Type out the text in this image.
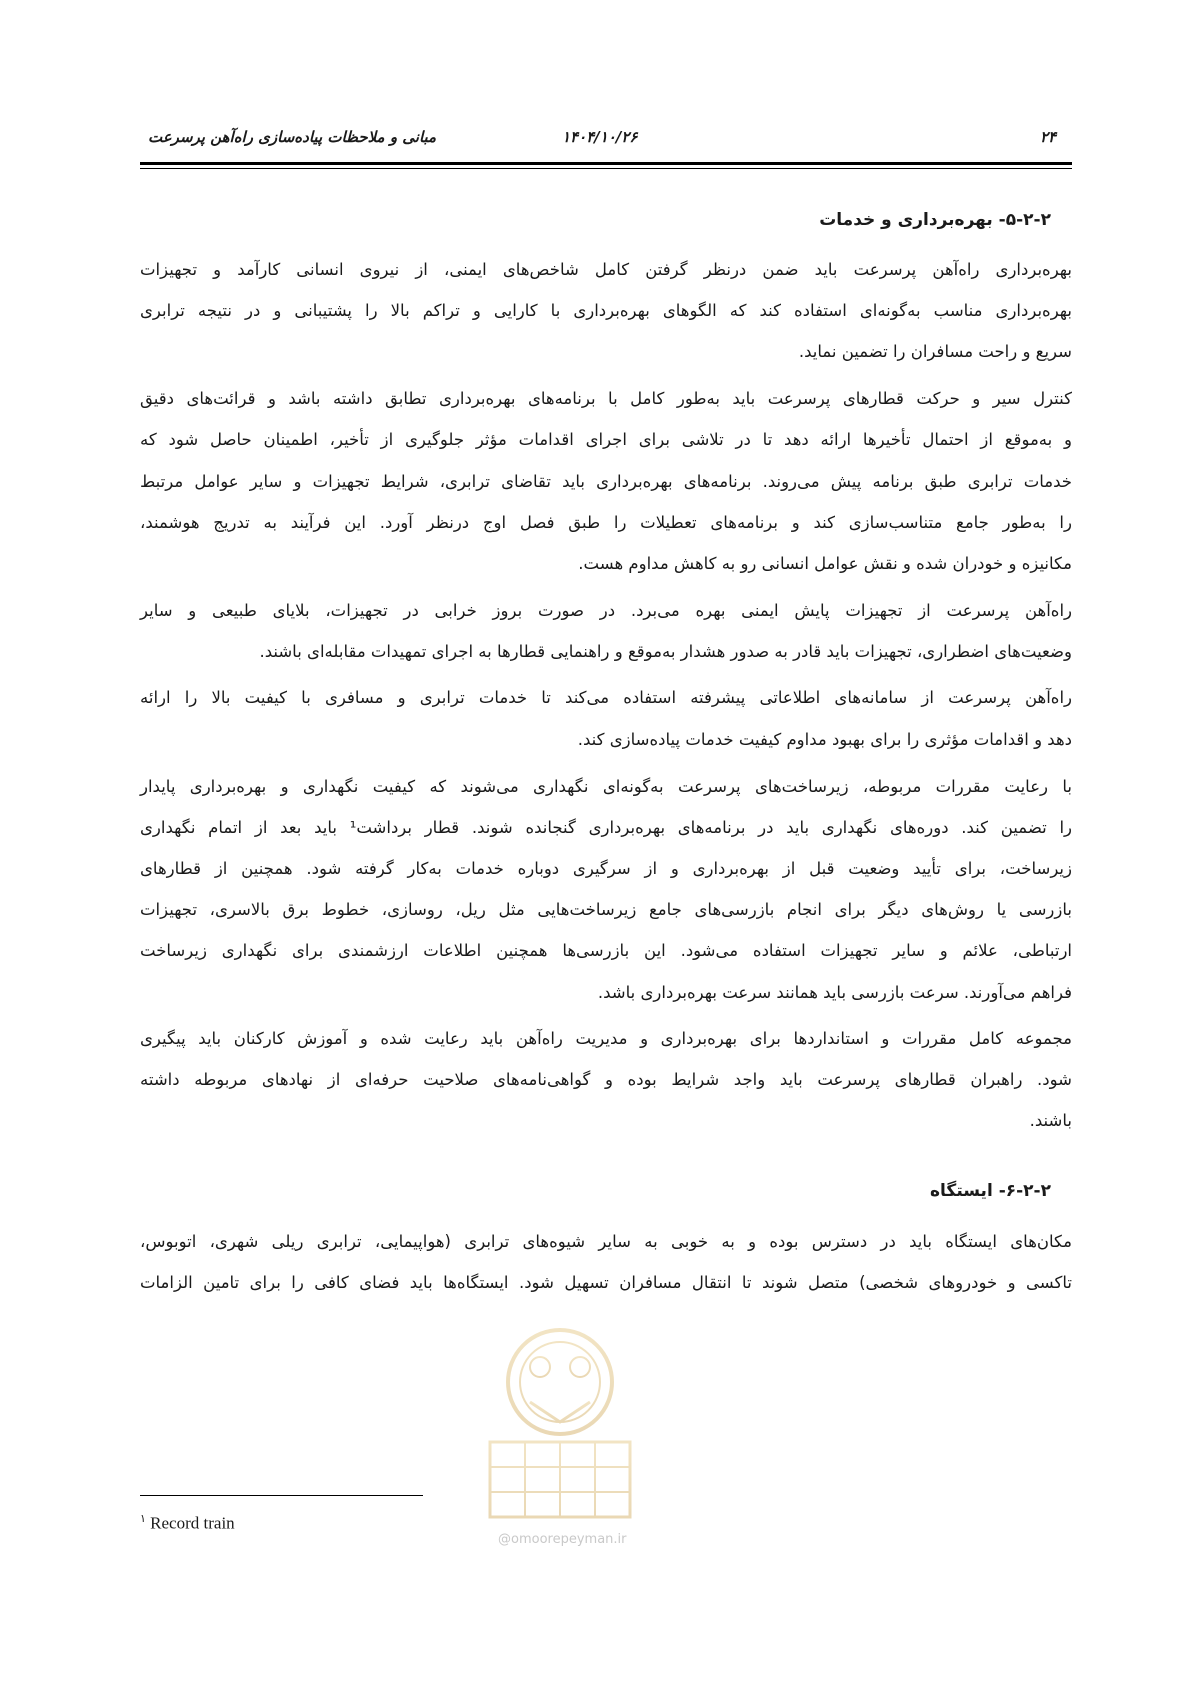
۲۴
۱۴۰۴/۱۰/۲۶
مبانی و ملاحظات پیاده‌سازی راه‌آهن پرسرعت
۵-۲-۲- بهره‌برداری و خدمات
بهره‌برداری راه‌آهن پرسرعت باید ضمن درنظر گرفتن کامل شاخص‌های ایمنی، از نیروی انسانی کارآمد و تجهیزات
بهره‌برداری مناسب به‌گونه‌ای استفاده کند که الگوهای بهره‌برداری با کارایی و تراکم بالا را پشتیبانی و در نتیجه ترابری
سریع و راحت مسافران را تضمین نماید.
کنترل سیر و حرکت قطارهای پرسرعت باید به‌طور کامل با برنامه‌های بهره‌برداری تطابق داشته باشد و قرائت‌های دقیق
و به‌موقع از احتمال تأخیرها ارائه دهد تا در تلاشی برای اجرای اقدامات مؤثر جلوگیری از تأخیر، اطمینان حاصل شود که
خدمات ترابری طبق برنامه پیش می‌روند. برنامه‌های بهره‌برداری باید تقاضای ترابری، شرایط تجهیزات و سایر عوامل مرتبط
را به‌طور جامع متناسب‌سازی کند و برنامه‌های تعطیلات را طبق فصل اوج درنظر آورد. این فرآیند به تدریج هوشمند،
مکانیزه و خودران شده و نقش عوامل انسانی رو به کاهش مداوم هست.
راه‌آهن پرسرعت از تجهیزات پایش ایمنی بهره می‌برد. در صورت بروز خرابی در تجهیزات، بلایای طبیعی و سایر
وضعیت‌های اضطراری، تجهیزات باید قادر به صدور هشدار به‌موقع و راهنمایی قطارها به اجرای تمهیدات مقابله‌ای باشند.
راه‌آهن پرسرعت از سامانه‌های اطلاعاتی پیشرفته استفاده می‌کند تا خدمات ترابری و مسافری با کیفیت بالا را ارائه
دهد و اقدامات مؤثری را برای بهبود مداوم کیفیت خدمات پیاده‌سازی کند.
با رعایت مقررات مربوطه، زیرساخت‌های پرسرعت به‌گونه‌ای نگهداری می‌شوند که کیفیت نگهداری و بهره‌برداری پایدار
را تضمین کند. دوره‌های نگهداری باید در برنامه‌های بهره‌برداری گنجانده شوند. قطار برداشت¹ باید بعد از اتمام نگهداری
زیرساخت، برای تأیید وضعیت قبل از بهره‌برداری و از سرگیری دوباره خدمات به‌کار گرفته شود. همچنین از قطارهای
بازرسی یا روش‌های دیگر برای انجام بازرسی‌های جامع زیرساخت‌هایی مثل ریل، روسازی، خطوط برق بالاسری، تجهیزات
ارتباطی، علائم و سایر تجهیزات استفاده می‌شود. این بازرسی‌ها همچنین اطلاعات ارزشمندی برای نگهداری زیرساخت
فراهم می‌آورند. سرعت بازرسی باید همانند سرعت بهره‌برداری باشد.
مجموعه کامل مقررات و استانداردها برای بهره‌برداری و مدیریت راه‌آهن باید رعایت شده و آموزش کارکنان باید پیگیری
شود. راهبران قطارهای پرسرعت باید واجد شرایط بوده و گواهی‌نامه‌های صلاحیت حرفه‌ای از نهادهای مربوطه داشته
باشند.
۶-۲-۲- ایستگاه
مکان‌های ایستگاه باید در دسترس بوده و به خوبی به سایر شیوه‌های ترابری (هواپیمایی، ترابری ریلی شهری، اتوبوس،
تاکسی و خودروهای شخصی) متصل شوند تا انتقال مسافران تسهیل شود. ایستگاه‌ها باید فضای کافی را برای تامین الزامات
@omoorepeyman.ir
$^۱$ Record train
